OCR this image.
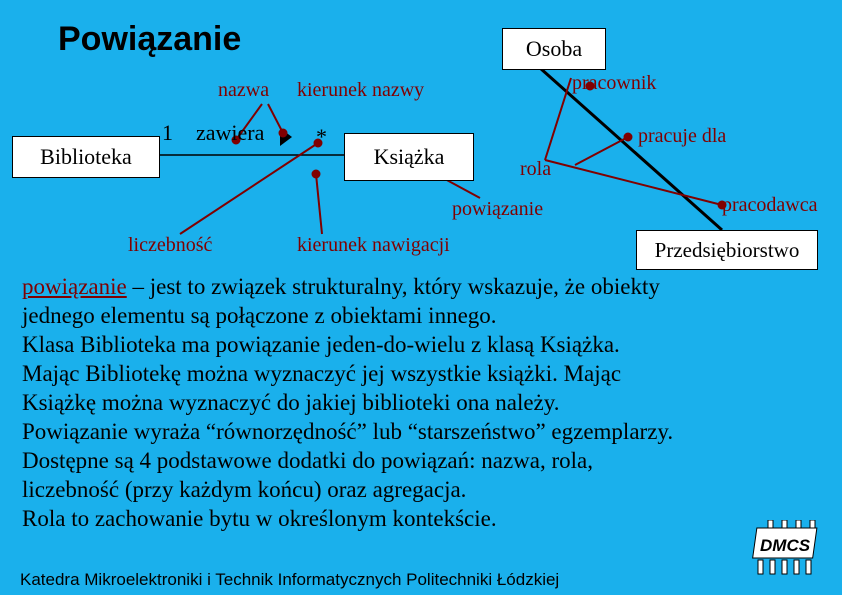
Powiązanie	Osoba
Biblioteka	Książka
Przedsiębiorstwo
1	*
zawiera
nazwa kierunek nazwy
liczebność	kierunek nawigacji
powiązanie
rola
pracownik
pracodawca
pracuje dla
powiązanie – jest to związek strukturalny, który wskazuje, że obiekty
jednego elementu są połączone z obiektami innego.
Klasa Biblioteka ma powiązanie jeden-do-wielu z klasą Książka.
Mając Bibliotekę można wyznaczyć jej wszystkie książki. Mając
Książkę można wyznaczyć do jakiej biblioteki ona należy.
Powiązanie wyraża “równorzędność” lub “starszeństwo” egzemplarzy.
Dostępne są 4 podstawowe dodatki do powiązań: nazwa, rola,
liczebność (przy każdym końcu) oraz agregacja.
Rola to zachowanie bytu w określonym kontekście.
Katedra Mikroelektroniki i Technik Informatycznych Politechniki Łódzkiej
DMCS
